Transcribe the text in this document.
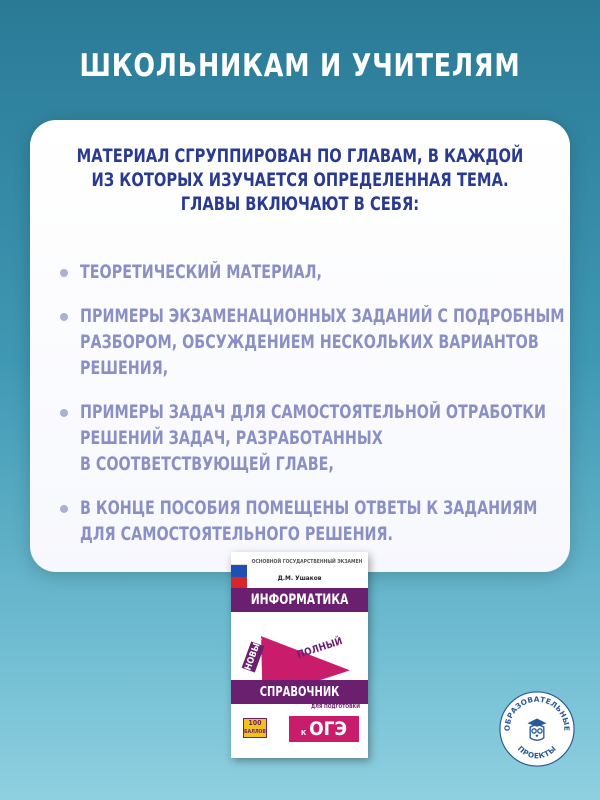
ШКОЛЬНИКАМ И УЧИТЕЛЯМ
МАТЕРИАЛ СГРУППИРОВАН ПО ГЛАВАМ, В КАЖДОЙ
ИЗ КОТОРЫХ ИЗУЧАЕТСЯ ОПРЕДЕЛЕННАЯ ТЕМА.
ГЛАВЫ ВКЛЮЧАЮТ В СЕБЯ:
ТЕОРЕТИЧЕСКИЙ МАТЕРИАЛ,
ПРИМЕРЫ ЭКЗАМЕНАЦИОННЫХ ЗАДАНИЙ С ПОДРОБНЫМ
РАЗБОРОМ, ОБСУЖДЕНИЕМ НЕСКОЛЬКИХ ВАРИАНТОВ
РЕШЕНИЯ,
ПРИМЕРЫ ЗАДАЧ ДЛЯ САМОСТОЯТЕЛЬНОЙ ОТРАБОТКИ
РЕШЕНИЙ ЗАДАЧ, РАЗРАБОТАННЫХ
В СООТВЕТСТВУЮЩЕЙ ГЛАВЕ,
В КОНЦЕ ПОСОБИЯ ПОМЕЩЕНЫ ОТВЕТЫ К ЗАДАНИЯМ
ДЛЯ САМОСТОЯТЕЛЬНОГО РЕШЕНИЯ.
ОСНОВНОЙ ГОСУДАРСТВЕННЫЙ ЭКЗАМЕН
Д.М. Ушаков
ИНФОРМАТИКА
НОВЫЙ	ПОЛНЫЙ
СПРАВОЧНИК
ДЛЯ ПОДГОТОВКИ
100
БАЛЛОВ	К ОГЭ	ОБРАЗОВАТЕЛЬНЫЕ
ПРОЕКТЫ
